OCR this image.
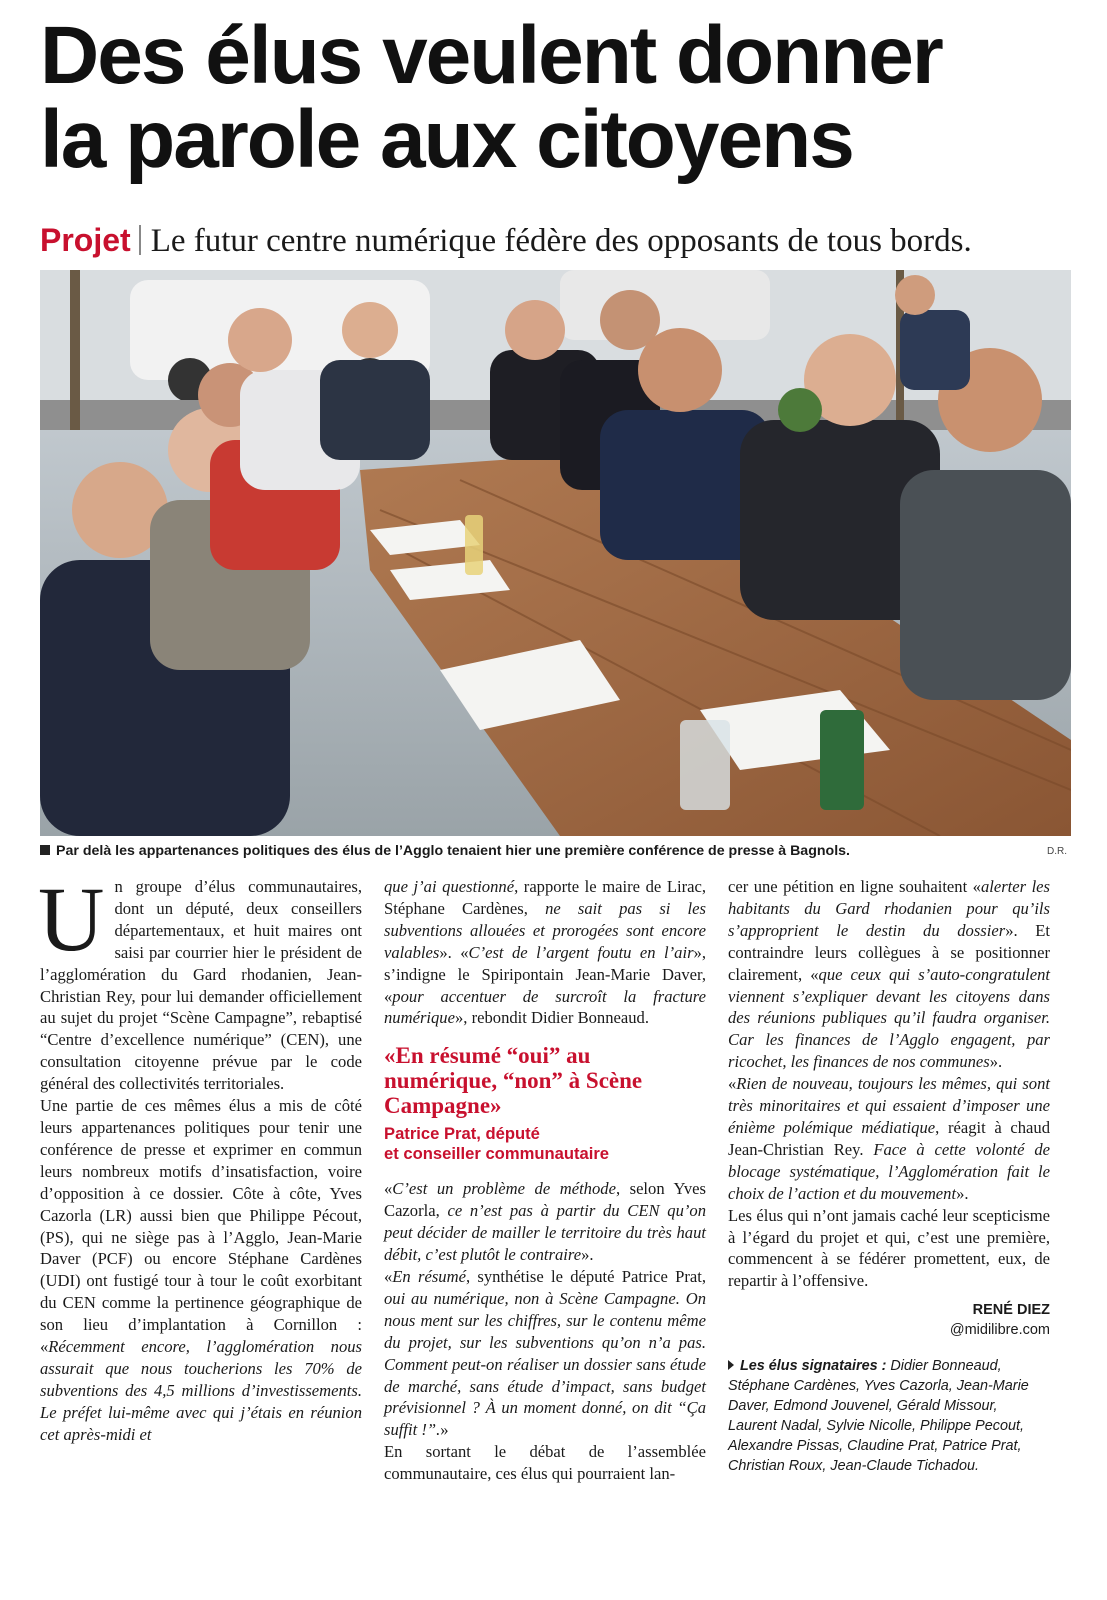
Des élus veulent donner
la parole aux citoyens
Projet Le futur centre numérique fédère des opposants de tous bords.
Par delà les appartenances politiques des élus de l’Agglo tenaient hier une première conférence de presse à Bagnols.	D.R.

Un groupe d’élus communautaires, dont un député, deux conseillers départementaux, et huit maires ont saisi par courrier hier le président de l’agglomération du Gard rhodanien, Jean-Christian Rey, pour lui demander officiellement au sujet du projet “Scène Campagne”, rebaptisé “Centre d’excellence numérique” (CEN), une consultation citoyenne prévue par le code général des collectivités territoriales.

Une partie de ces mêmes élus a mis de côté leurs appartenances politiques pour tenir une conférence de presse et exprimer en commun leurs nombreux motifs d’insatisfaction, voire d’opposition à ce dossier. Côte à côte, Yves Cazorla (LR) aussi bien que Philippe Pécout, (PS), qui ne siège pas à l’Agglo, Jean-Marie Daver (PCF) ou encore Stéphane Cardènes (UDI) ont fustigé tour à tour le coût exorbitant du CEN comme la pertinence géographique de son lieu d’implantation à Cornillon : «Récemment encore, l’agglomération nous assurait que nous toucherions les 70% de subventions des 4,5 millions d’investissements. Le préfet lui-même avec qui j’étais en réunion cet après-midi et

que j’ai questionné, rapporte le maire de Lirac, Stéphane Cardènes, ne sait pas si les subventions allouées et prorogées sont encore valables». «C’est de l’argent foutu en l’air», s’indigne le Spiripontain Jean-Marie Daver, «pour accentuer de surcroît la fracture numérique», rebondit Didier Bonneaud.

«En résumé “oui” au numérique, “non” à Scène Campagne»
Patrice Prat, député
et conseiller communautaire

«C’est un problème de méthode, selon Yves Cazorla, ce n’est pas à partir du CEN qu’on peut décider de mailler le territoire du très haut débit, c’est plutôt le contraire».

«En résumé, synthétise le député Patrice Prat, oui au numérique, non à Scène Campagne. On nous ment sur les chiffres, sur le contenu même du projet, sur les subventions qu’on n’a pas. Comment peut-on réaliser un dossier sans étude de marché, sans étude d’impact, sans budget prévisionnel ? À un moment donné, on dit “Ça suffit !”.»

En sortant le débat de l’assemblée communautaire, ces élus qui pourraient lan-

cer une pétition en ligne souhaitent «alerter les habitants du Gard rhodanien pour qu’ils s’approprient le destin du dossier». Et contraindre leurs collègues à se positionner clairement, «que ceux qui s’auto-congratulent viennent s’expliquer devant les citoyens dans des réunions publiques qu’il faudra organiser. Car les finances de l’Agglo engagent, par ricochet, les finances de nos communes».

«Rien de nouveau, toujours les mêmes, qui sont très minoritaires et qui essaient d’imposer une énième polémique médiatique, réagit à chaud Jean-Christian Rey. Face à cette volonté de blocage systématique, l’Agglomération fait le choix de l’action et du mouvement».

Les élus qui n’ont jamais caché leur scepticisme à l’égard du projet et qui, c’est une première, commencent à se fédérer promettent, eux, de repartir à l’offensive.

RENÉ DIEZ
@midilibre.com
Les élus signataires : Didier Bonneaud, Stéphane Cardènes, Yves Cazorla, Jean-Marie Daver, Edmond Jouvenel, Gérald Missour, Laurent Nadal, Sylvie Nicolle, Philippe Pecout, Alexandre Pissas, Claudine Prat, Patrice Prat, Christian Roux, Jean-Claude Tichadou.
